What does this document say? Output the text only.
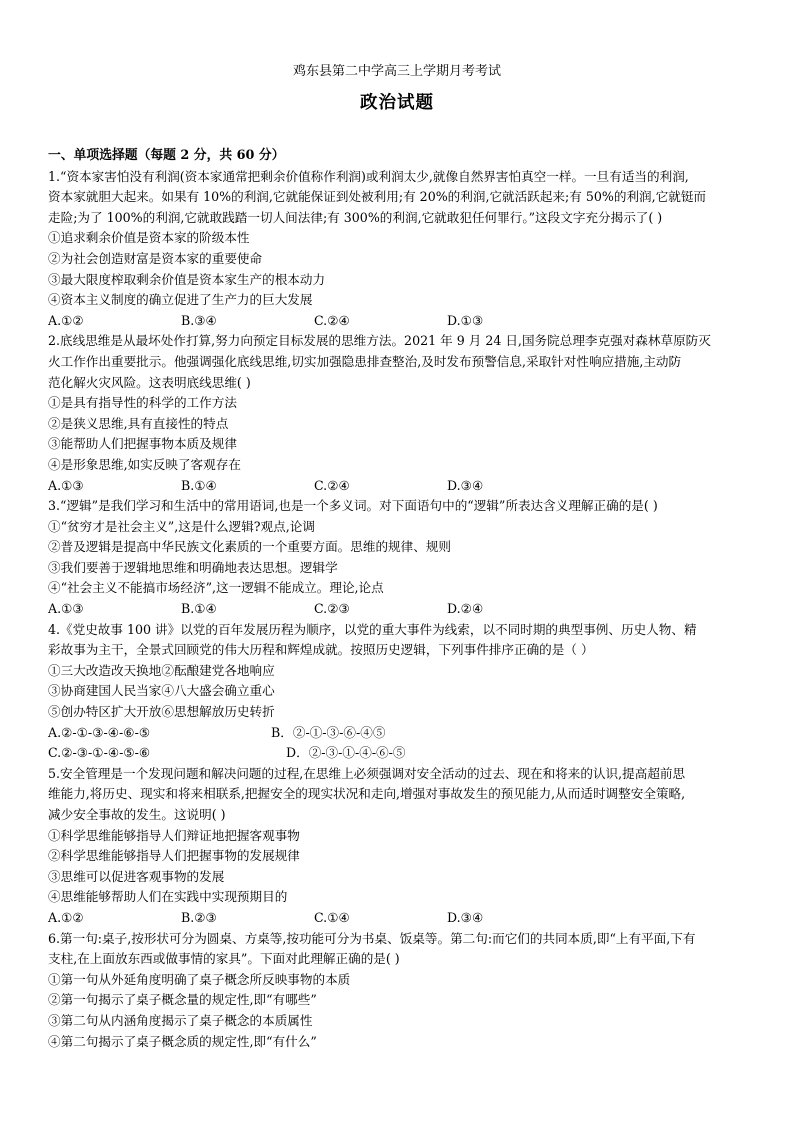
鸡东县第二中学高三上学期月考考试
政治试题
一、单项选择题（每题 2 分，共 60 分）
1.“资本家害怕没有利润(资本家通常把剩余价值称作利润)或利润太少,就像自然界害怕真空一样。一旦有适当的利润,
资本家就胆大起来。如果有 10%的利润,它就能保证到处被利用;有 20%的利润,它就活跃起来;有 50%的利润,它就铤而
走险;为了 100%的利润,它就敢践踏一切人间法律;有 300%的利润,它就敢犯任何罪行。”这段文字充分揭示了( )
①追求剩余价值是资本家的阶级本性
②为社会创造财富是资本家的重要使命
③最大限度榨取剩余价值是资本家生产的根本动力
④资本主义制度的确立促进了生产力的巨大发展
A.①②	B.③④	C.②④	D.①③
2.底线思维是从最坏处作打算,努力向预定目标发展的思维方法。2021 年 9 月 24 日,国务院总理李克强对森林草原防灭
火工作作出重要批示。他强调强化底线思维,切实加强隐患排查整治,及时发布预警信息,采取针对性响应措施,主动防
范化解火灾风险。这表明底线思维( )
①是具有指导性的科学的工作方法
②是狭义思维,具有直接性的特点
③能帮助人们把握事物本质及规律
④是形象思维,如实反映了客观存在
A.①③	B.①④	C.②④	D.③④
3.“逻辑”是我们学习和生活中的常用语词,也是一个多义词。对下面语句中的“逻辑”所表达含义理解正确的是( )
①“贫穷才是社会主义”,这是什么逻辑?观点,论调
②普及逻辑是提高中华民族文化素质的一个重要方面。思维的规律、规则
③我们要善于逻辑地思维和明确地表达思想。逻辑学
④“社会主义不能搞市场经济”,这一逻辑不能成立。理论,论点
A.①③	B.①④	C.②③	D.②④
4.《党史故事 100 讲》以党的百年发展历程为顺序，以党的重大事件为线索，以不同时期的典型事例、历史人物、精
彩故事为主干，全景式回顾党的伟大历程和辉煌成就。按照历史逻辑，下列事件排序正确的是（ ）
①三大改造改天换地②酝酿建党各地响应
③协商建国人民当家④八大盛会确立重心
⑤创办特区扩大开放⑥思想解放历史转折
A.②-①-③-④-⑥-⑤	B．②-①-③-⑥-④⑤
C.②-③-①-④-⑤-⑥	D．②-③-①-④-⑥-⑤
5.安全管理是一个发现问题和解决问题的过程,在思维上必须强调对安全活动的过去、现在和将来的认识,提高超前思
维能力,将历史、现实和将来相联系,把握安全的现实状况和走向,增强对事故发生的预见能力,从而适时调整安全策略,
减少安全事故的发生。这说明( )
①科学思维能够指导人们辩证地把握客观事物
②科学思维能够指导人们把握事物的发展规律
③思维可以促进客观事物的发展
④思维能够帮助人们在实践中实现预期目的
A.①②	B.②③	C.①④	D.③④
6.第一句:桌子,按形状可分为圆桌、方桌等,按功能可分为书桌、饭桌等。第二句:而它们的共同本质,即“上有平面,下有
支柱,在上面放东西或做事情的家具”。下面对此理解正确的是( )
①第一句从外延角度明确了桌子概念所反映事物的本质
②第一句揭示了桌子概念量的规定性,即“有哪些”
③第二句从内涵角度揭示了桌子概念的本质属性
④第二句揭示了桌子概念质的规定性,即“有什么”
